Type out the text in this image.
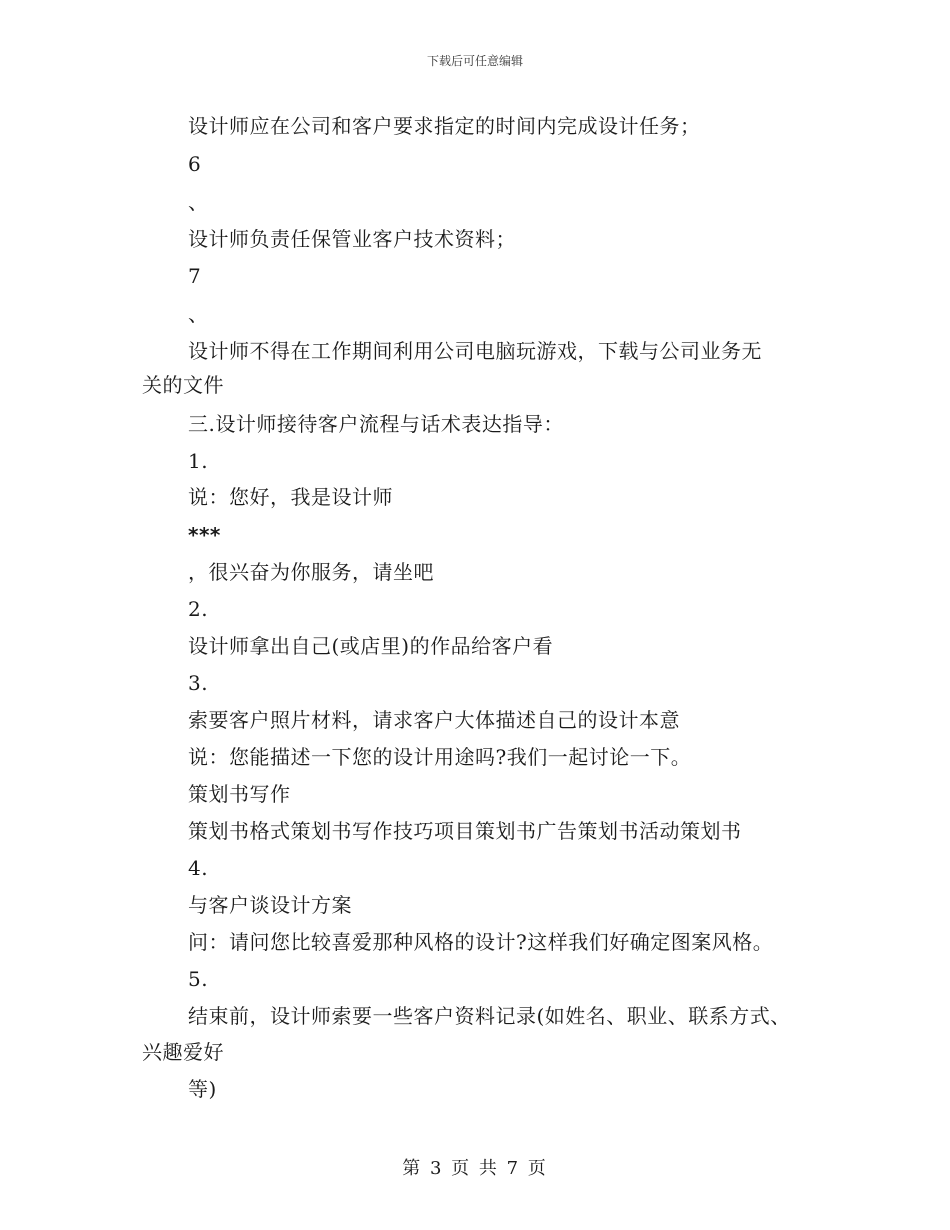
下载后可任意编辑
设计师应在公司和客户要求指定的时间内完成设计任务；
6
、
设计师负责任保管业客户技术资料；
7
、
设计师不得在工作期间利用公司电脑玩游戏，下载与公司业务无
关的文件
三.设计师接待客户流程与话术表达指导：
1.
说：您好，我是设计师
***
，很兴奋为你服务，请坐吧
2.
设计师拿出自己(或店里)的作品给客户看
3.
索要客户照片材料，请求客户大体描述自己的设计本意
说：您能描述一下您的设计用途吗?我们一起讨论一下。
策划书写作
策划书格式策划书写作技巧项目策划书广告策划书活动策划书
4.
与客户谈设计方案
问：请问您比较喜爱那种风格的设计?这样我们好确定图案风格。
5.
结束前，设计师索要一些客户资料记录(如姓名、职业、联系方式、
兴趣爱好
等)
第 3 页 共 7 页
